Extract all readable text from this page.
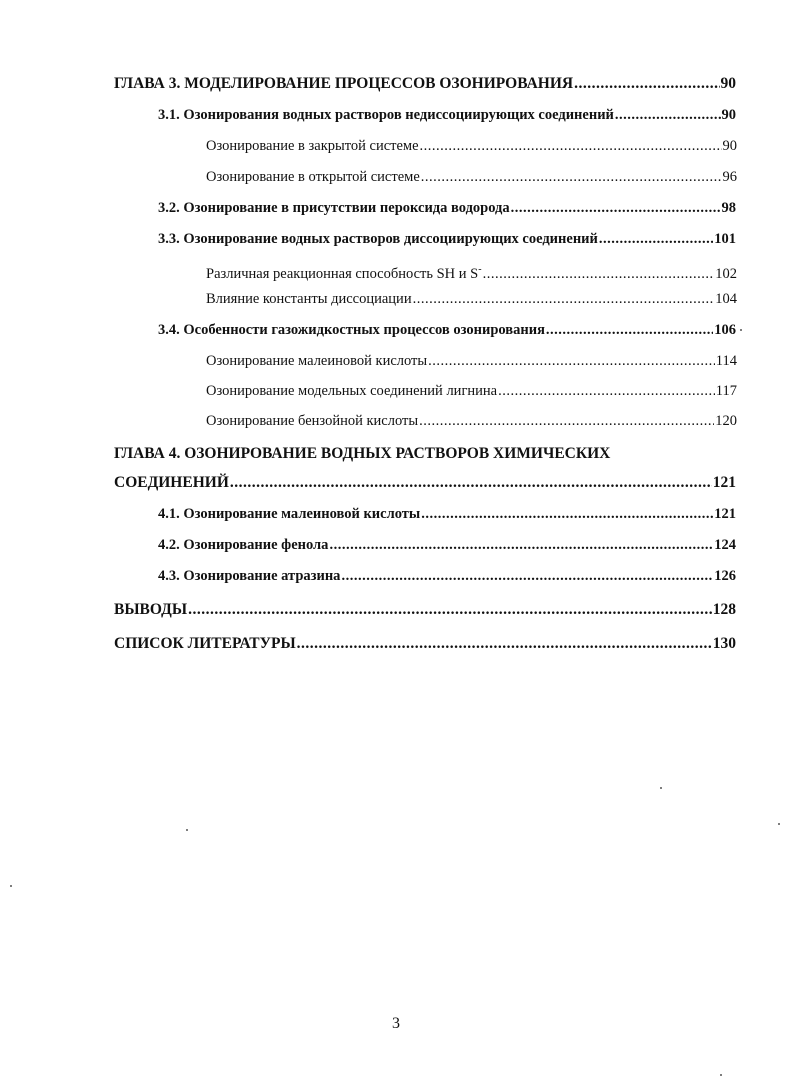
ГЛАВА 3. МОДЕЛИРОВАНИЕ ПРОЦЕССОВ ОЗОНИРОВАНИЯ .....	90
3.1. Озонирования водных растворов недиссоциирующих соединений .....	90
Озонирование в закрытой системе .....	90
Озонирование в открытой системе .....	96
3.2. Озонирование в присутствии пероксида водорода .....	98
3.3. Озонирование водных растворов диссоциирующих соединений .....	101
Различная реакционная способность SH и S- .....	102
Влияние константы диссоциации .....	104
3.4. Особенности газожидкостных процессов озонирования .....	106
Озонирование малеиновой кислоты .....	114
Озонирование модельных соединений лигнина .....	117
Озонирование бензойной кислоты .....	120
ГЛАВА 4. ОЗОНИРОВАНИЕ ВОДНЫХ РАСТВОРОВ ХИМИЧЕСКИХ
СОЕДИНЕНИЙ .....	121
4.1. Озонирование малеиновой кислоты .....	121
4.2. Озонирование фенола .....	124
4.3. Озонирование атразина .....	126
ВЫВОДЫ .....	128
СПИСОК ЛИТЕРАТУРЫ .....	130
3
